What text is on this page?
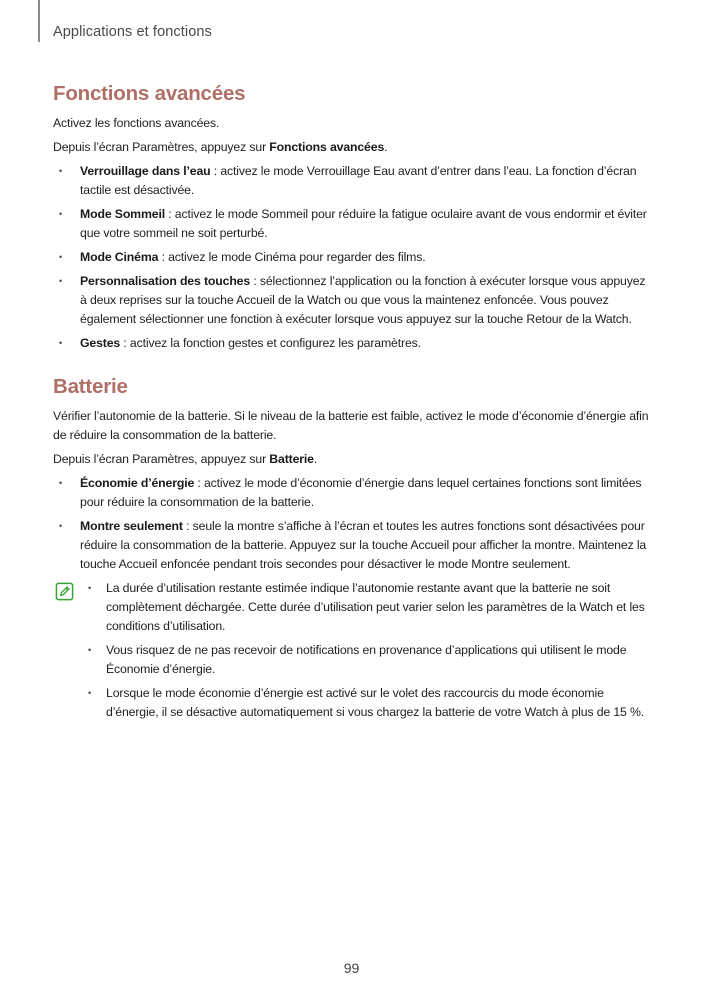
Applications et fonctions
Fonctions avancées

Activez les fonctions avancées.

Depuis l’écran Paramètres, appuyez sur Fonctions avancées.

• Verrouillage dans l’eau : activez le mode Verrouillage Eau avant d’entrer dans l’eau. La fonction d’écran tactile est désactivée.
• Mode Sommeil : activez le mode Sommeil pour réduire la fatigue oculaire avant de vous endormir et éviter que votre sommeil ne soit perturbé.
• Mode Cinéma : activez le mode Cinéma pour regarder des films.
• Personnalisation des touches : sélectionnez l’application ou la fonction à exécuter lorsque vous appuyez à deux reprises sur la touche Accueil de la Watch ou que vous la maintenez enfoncée. Vous pouvez également sélectionner une fonction à exécuter lorsque vous appuyez sur la touche Retour de la Watch.
• Gestes : activez la fonction gestes et configurez les paramètres.
Batterie

Vérifier l’autonomie de la batterie. Si le niveau de la batterie est faible, activez le mode d’économie d’énergie afin de réduire la consommation de la batterie.

Depuis l’écran Paramètres, appuyez sur Batterie.

• Économie d’énergie : activez le mode d’économie d’énergie dans lequel certaines fonctions sont limitées pour réduire la consommation de la batterie.
• Montre seulement : seule la montre s’affiche à l’écran et toutes les autres fonctions sont désactivées pour réduire la consommation de la batterie. Appuyez sur la touche Accueil pour afficher la montre. Maintenez la touche Accueil enfoncée pendant trois secondes pour désactiver le mode Montre seulement.
• La durée d’utilisation restante estimée indique l’autonomie restante avant que la batterie ne soit complètement déchargée. Cette durée d’utilisation peut varier selon les paramètres de la Watch et les conditions d’utilisation.
• Vous risquez de ne pas recevoir de notifications en provenance d’applications qui utilisent le mode Économie d’énergie.
• Lorsque le mode économie d’énergie est activé sur le volet des raccourcis du mode économie d’énergie, il se désactive automatiquement si vous chargez la batterie de votre Watch à plus de 15 %.
99
